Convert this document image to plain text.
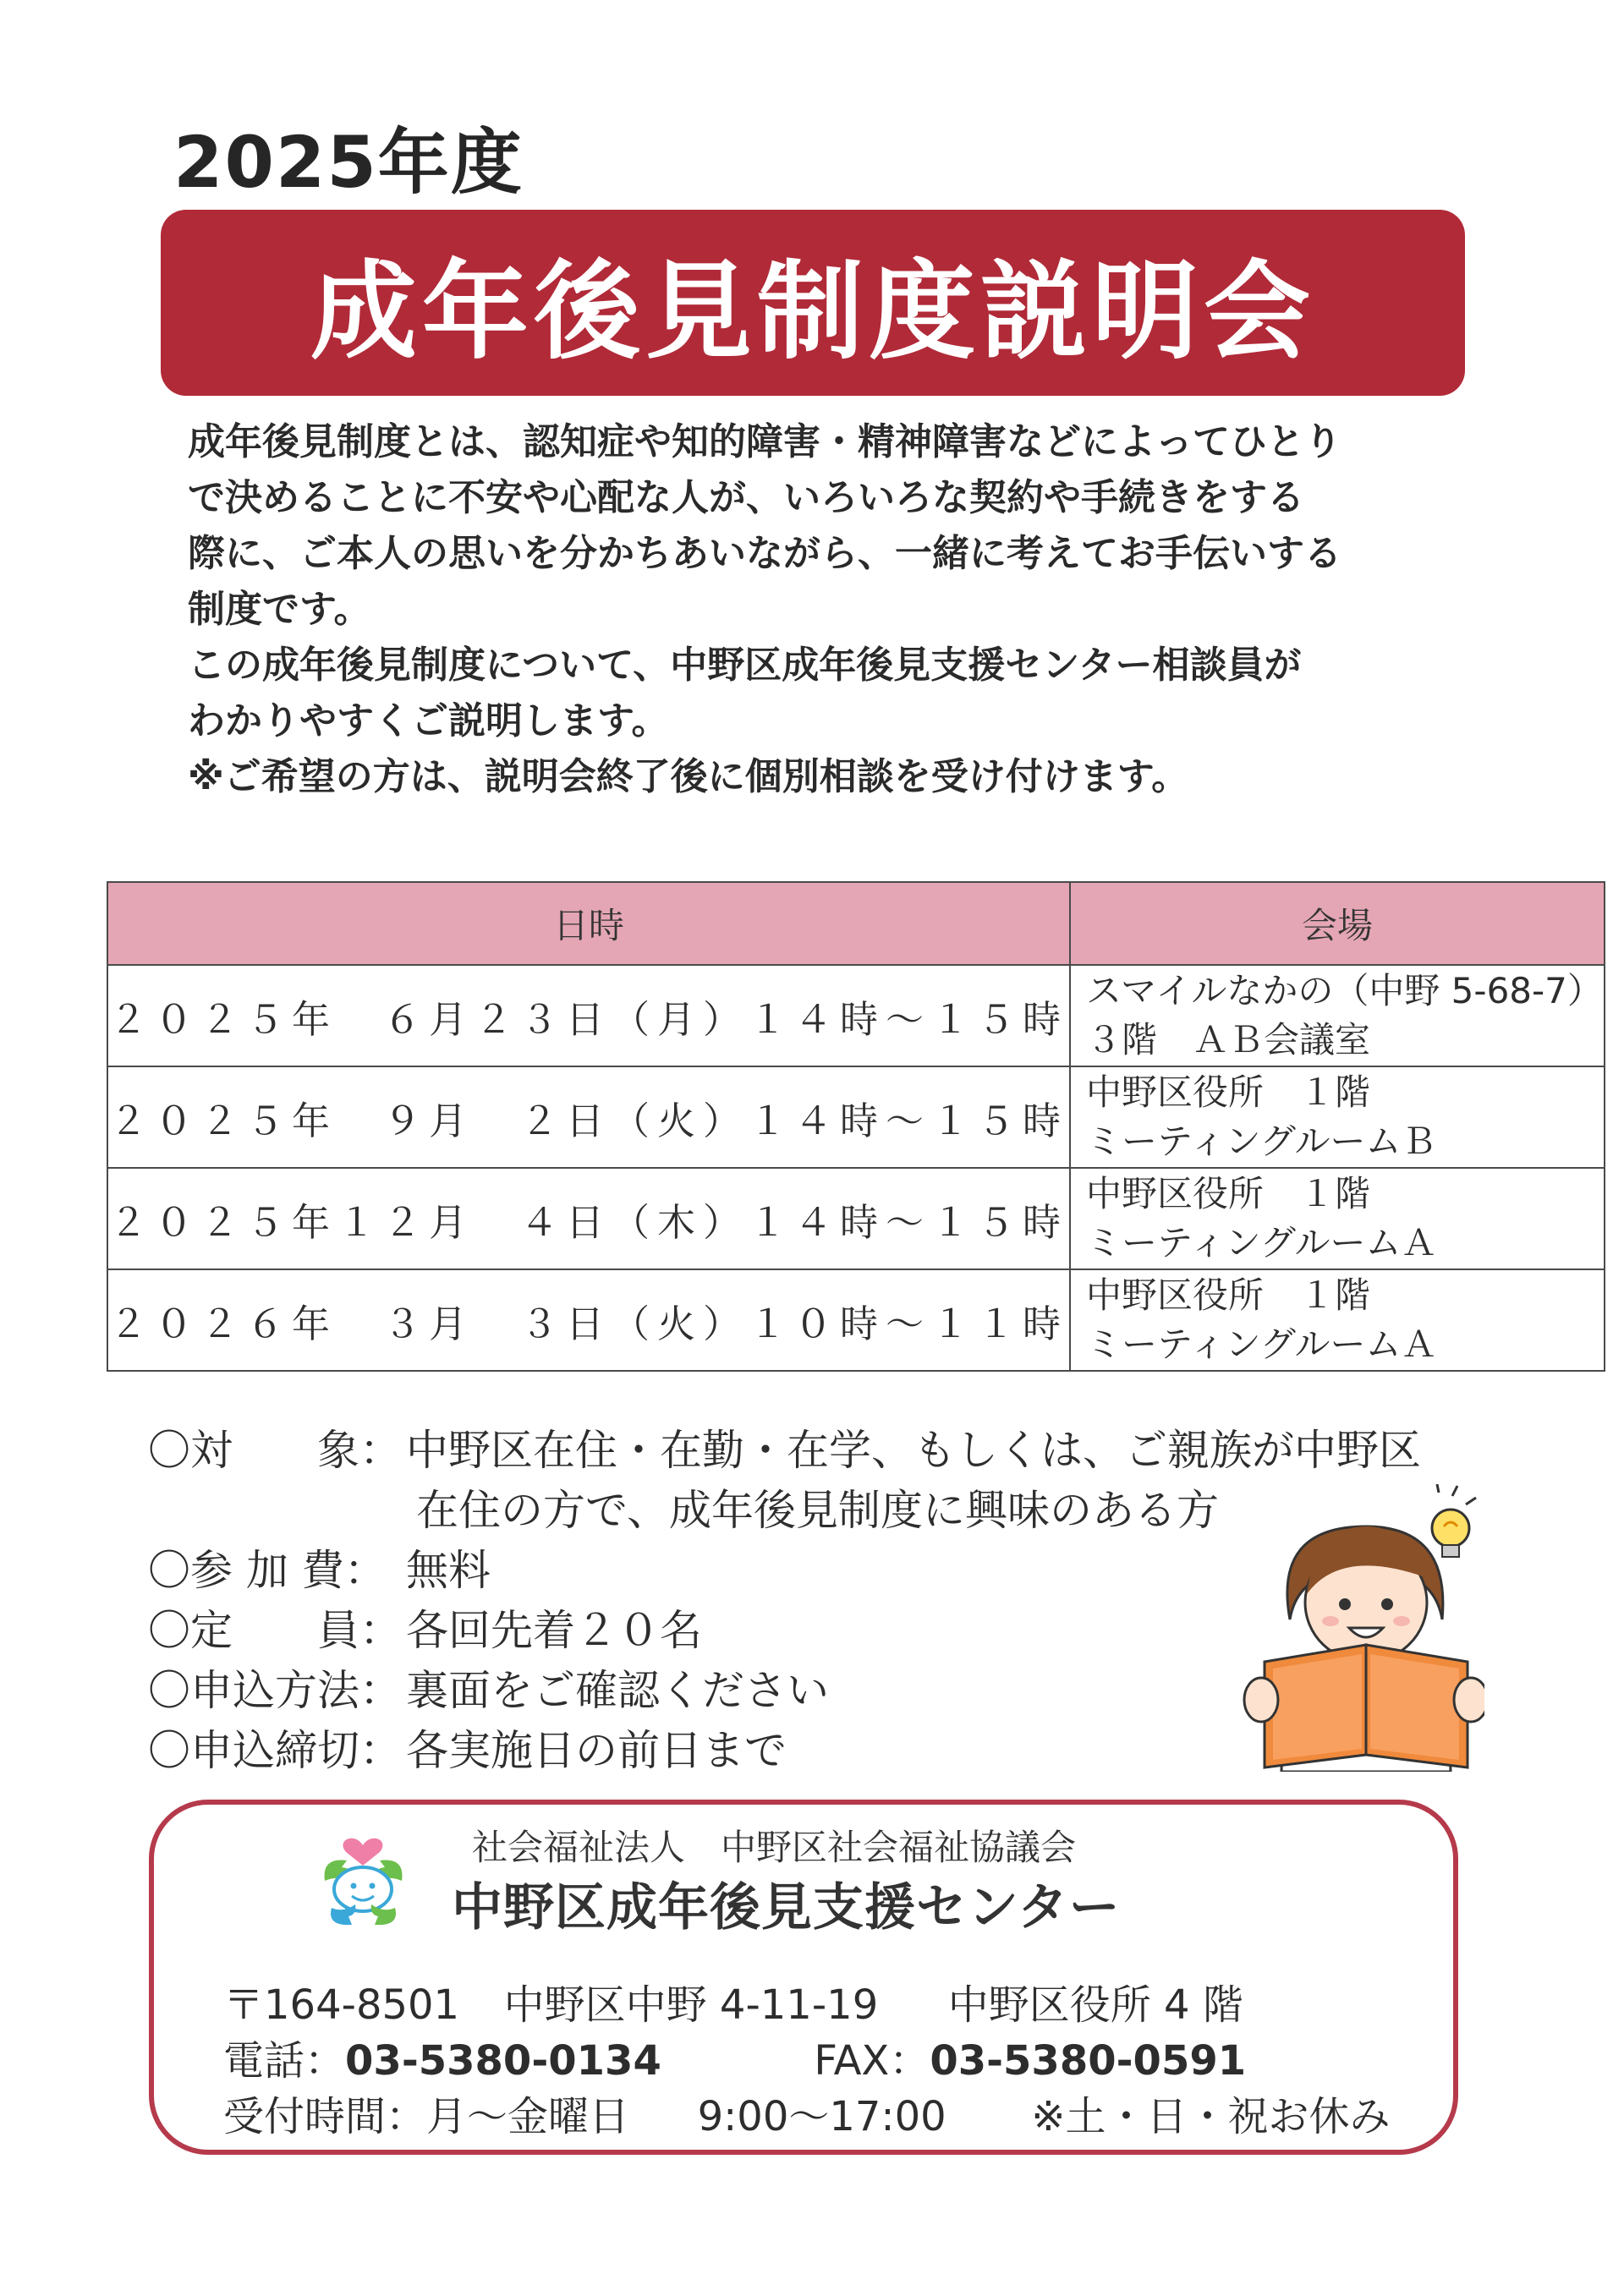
2025年度
成年後見制度説明会

成年後見制度とは、認知症や知的障害・精神障害などによってひとり

で決めることに不安や心配な人が、いろいろな契約や手続きをする

際に、ご本人の思いを分かちあいながら、一緒に考えてお手伝いする

制度です。

この成年後見制度について、中野区成年後見支援センター相談員が

わかりやすくご説明します。

※ご希望の方は、説明会終了後に個別相談を受け付けます。

日時	会場
２０２５年　６月２３日（月）１４時～１５時	スマイルなかの（中野 5-68-7）
３階　ＡＢ会議室

２０２５年　９月　２日（火）１４時～１５時	中野区役所　１階
ミーティングルームＢ

２０２５年１２月　４日（木）１４時～１５時	中野区役所　１階
ミーティングルームＡ

２０２６年　３月　３日（火）１０時～１１時	中野区役所　１階
ミーティングルームＡ
〇対　　象： 中野区在住・在勤・在学、もしくは、ご親族が中野区
在住の方で、成年後見制度に興味のある方
〇参 加 費： 無料
〇定　　員： 各回先着２０名
〇申込方法： 裏面をご確認ください
〇申込締切： 各実施日の前日まで
社会福祉法人　中野区社会福祉協議会
中野区成年後見支援センター
〒164-8501 中野区中野 4-11-19 中野区役所 4 階
電話：03-5380-0134	FAX：03-5380-0591
受付時間：月～金曜日 9:00～17:00 ※土・日・祝お休み
